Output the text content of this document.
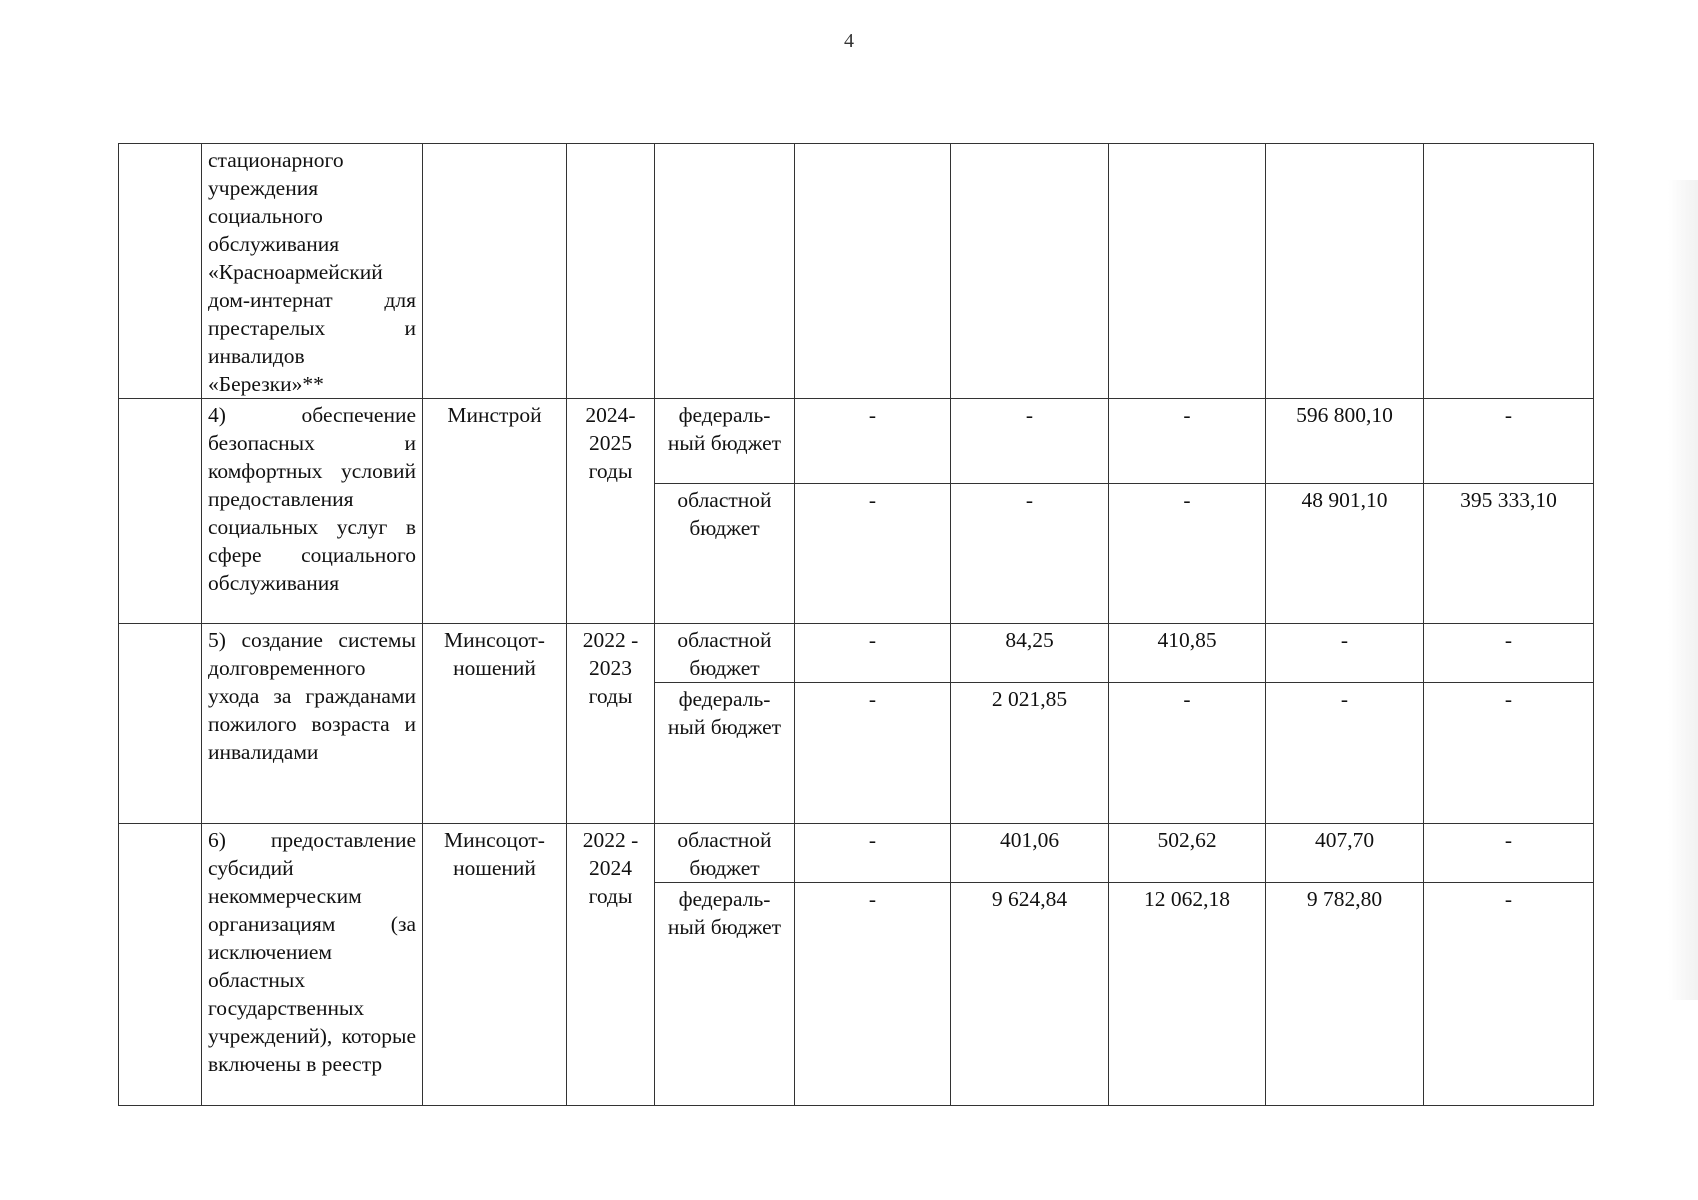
4
	стационарного учреждения социального обслуживания «Красноармейский дом-интернат для престарелых и инвалидов «Березки»**								
	4) обеспечение безопасных и комфортных условий предоставления социальных услуг в сфере социального обслуживания	Минстрой	2024-2025 годы	федераль-ный бюджет	-	-	-	596 800,10	-
				областной бюджет	-	-	-	48 901,10	395 333,10
	5) создание системы долговременного ухода за гражданами пожилого возраста и инвалидами	Минсоцот-ношений	2022 - 2023 годы	областной бюджет	-	84,25	410,85	-	-
				федераль-ный бюджет	-	2 021,85	-	-	-
	6) предоставление субсидий некоммерческим организациям (за исключением областных государственных учреждений), которые включены в реестр	Минсоцот-ношений	2022 - 2024 годы	областной бюджет	-	401,06	502,62	407,70	-
				федераль-ный бюджет	-	9 624,84	12 062,18	9 782,80	-
